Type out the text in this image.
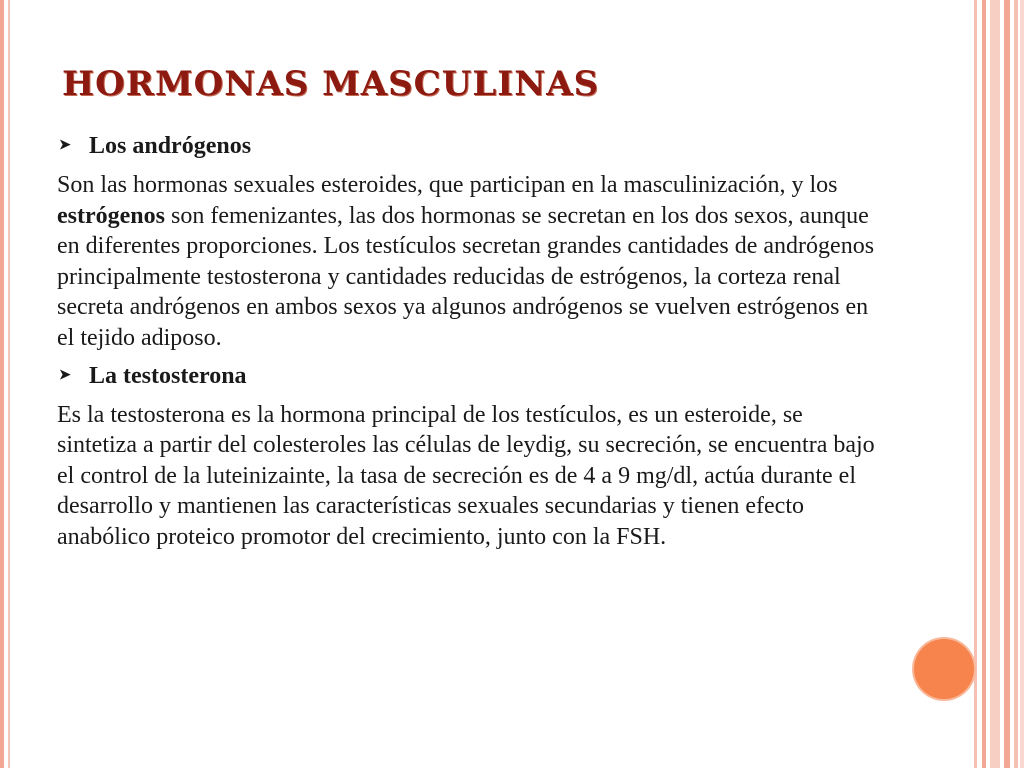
HORMONAS MASCULINAS
➤ Los andrógenos

Son las hormonas sexuales esteroides, que participan en la masculinización, y los estrógenos son femenizantes, las dos hormonas se secretan en los dos sexos, aunque en diferentes proporciones. Los testículos secretan grandes cantidades de andrógenos principalmente testosterona y cantidades reducidas de estrógenos, la corteza renal secreta andrógenos en ambos sexos ya algunos andrógenos se vuelven estrógenos en el tejido adiposo.

➤ La testosterona

Es la testosterona es la hormona principal de los testículos, es un esteroide, se sintetiza a partir del colesteroles las células de leydig, su secreción, se encuentra bajo el control de la luteinizainte, la tasa de secreción es de 4 a 9 mg/dl, actúa durante el desarrollo y mantienen las características sexuales secundarias y tienen efecto anabólico proteico promotor del crecimiento, junto con la FSH.
